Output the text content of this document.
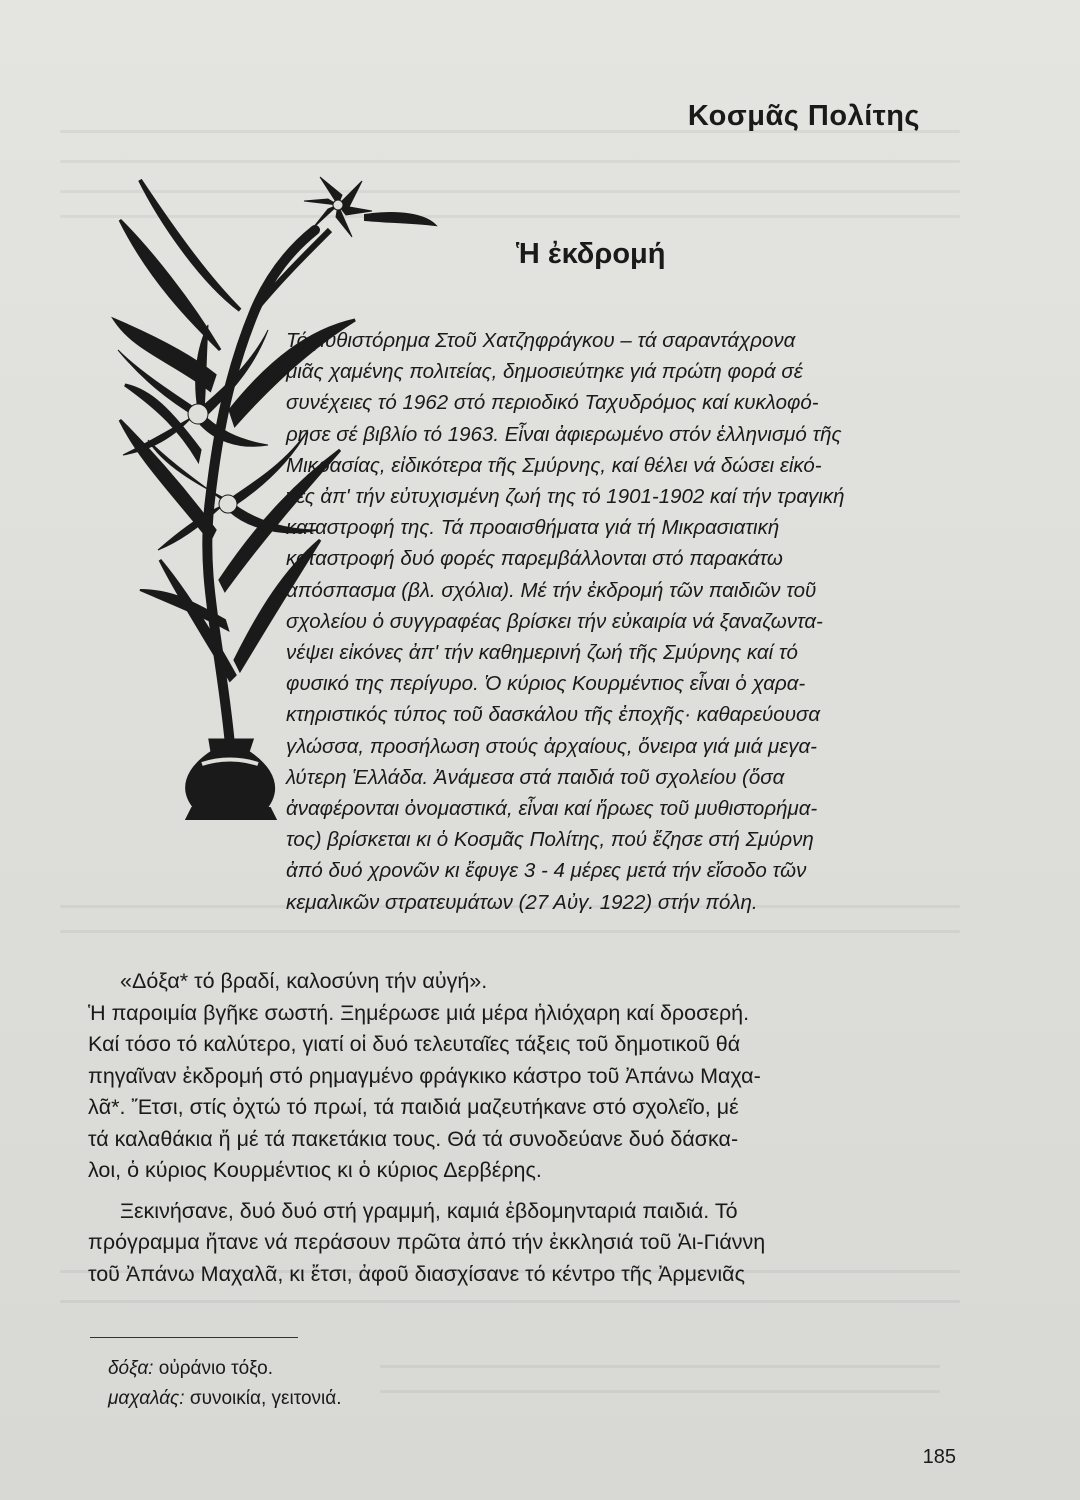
Κοσμᾶς Πολίτης
Ἡ ἐκδρομή

Τό μυθιστόρημα Στοῦ Χατζηφράγκου – τά σαραντάχρονα
μιᾶς χαμένης πολιτείας, δημοσιεύτηκε γιά πρώτη φορά σέ
συνέχειες τό 1962 στό περιοδικό Ταχυδρόμος καί κυκλοφό-
ρησε σέ βιβλίο τό 1963. Εἶναι ἀφιερωμένο στόν ἑλληνισμό τῆς
Μικρασίας, εἰδικότερα τῆς Σμύρνης, καί θέλει νά δώσει εἰκό-
νες ἀπ' τήν εὐτυχισμένη ζωή της τό 1901-1902 καί τήν τραγική
καταστροφή της. Τά προαισθήματα γιά τή Μικρασιατική
καταστροφή δυό φορές παρεμβάλλονται στό παρακάτω
ἀπόσπασμα (βλ. σχόλια). Μέ τήν ἐκδρομή τῶν παιδιῶν τοῦ
σχολείου ὁ συγγραφέας βρίσκει τήν εὐκαιρία νά ξαναζωντα-
νέψει εἰκόνες ἀπ' τήν καθημερινή ζωή τῆς Σμύρνης καί τό
φυσικό της περίγυρο. Ὁ κύριος Κουρμέντιος εἶναι ὁ χαρα-
κτηριστικός τύπος τοῦ δασκάλου τῆς ἐποχῆς· καθαρεύουσα
γλώσσα, προσήλωση στούς ἀρχαίους, ὄνειρα γιά μιά μεγα-
λύτερη Ἑλλάδα. Ἀνάμεσα στά παιδιά τοῦ σχολείου (ὅσα
ἀναφέρονται ὀνομαστικά, εἶναι καί ἥρωες τοῦ μυθιστορήμα-
τος) βρίσκεται κι ὁ Κοσμᾶς Πολίτης, πού ἔζησε στή Σμύρνη
ἀπό δυό χρονῶν κι ἔφυγε 3 - 4 μέρες μετά τήν εἴσοδο τῶν
κεμαλικῶν στρατευμάτων (27 Αὐγ. 1922) στήν πόλη.

«Δόξα* τό βραδί, καλοσύνη τήν αὐγή».
Ἡ παροιμία βγῆκε σωστή. Ξημέρωσε μιά μέρα ἡλιόχαρη καί δροσερή.
Καί τόσο τό καλύτερο, γιατί οἱ δυό τελευταῖες τάξεις τοῦ δημοτικοῦ θά
πηγαῖναν ἐκδρομή στό ρημαγμένο φράγκικο κάστρο τοῦ Ἀπάνω Μαχα-
λᾶ*. Ἔτσι, στίς ὀχτώ τό πρωί, τά παιδιά μαζευτήκανε στό σχολεῖο, μέ
τά καλαθάκια ἤ μέ τά πακετάκια τους. Θά τά συνοδεύανε δυό δάσκα-
λοι, ὁ κύριος Κουρμέντιος κι ὁ κύριος Δερβέρης.
Ξεκινήσανε, δυό δυό στή γραμμή, καμιά ἑβδομηνταριά παιδιά. Τό
πρόγραμμα ἤτανε νά περάσουν πρῶτα ἀπό τήν ἐκκλησιά τοῦ Ἁι-Γιάννη
τοῦ Ἀπάνω Μαχαλᾶ, κι ἔτσι, ἀφοῦ διασχίσανε τό κέντρο τῆς Ἀρμενιᾶς
δόξα: οὐράνιο τόξο.
μαχαλάς: συνοικία, γειτονιά.

185
